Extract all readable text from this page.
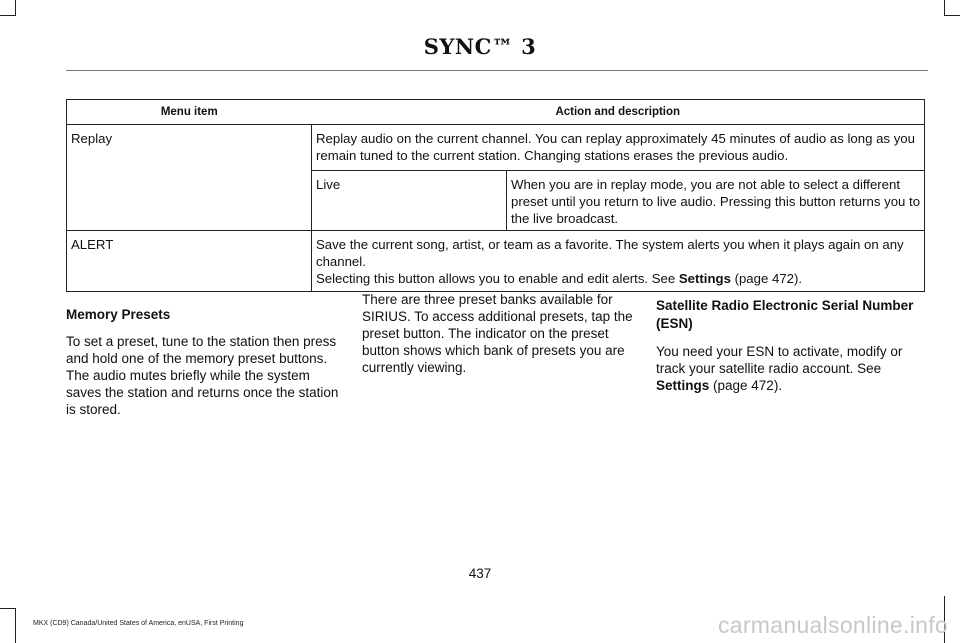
SYNC™ 3
Menu item	Action and description
Replay	Replay audio on the current channel. You can replay approximately 45 minutes of audio as long as you remain tuned to the current station. Changing stations erases the previous audio.
Live	When you are in replay mode, you are not able to select a different preset until you return to live audio. Pressing this button returns you to the live broadcast.

ALERT	Save the current song, artist, or team as a favorite. The system alerts you when it plays again on any channel.
Selecting this button allows you to enable and edit alerts. See Settings (page 472).
Memory Presets

To set a preset, tune to the station then press and hold one of the memory preset buttons. The audio mutes briefly while the system saves the station and returns once the station is stored.

There are three preset banks available for SIRIUS. To access additional presets, tap the preset button. The indicator on the preset button shows which bank of presets you are currently viewing.

Satellite Radio Electronic Serial Number (ESN)

You need your ESN to activate, modify or track your satellite radio account. See Settings (page 472).

437
MKX (CD9) Canada/United States of America, enUSA, First Printing	carmanualsonline.info
